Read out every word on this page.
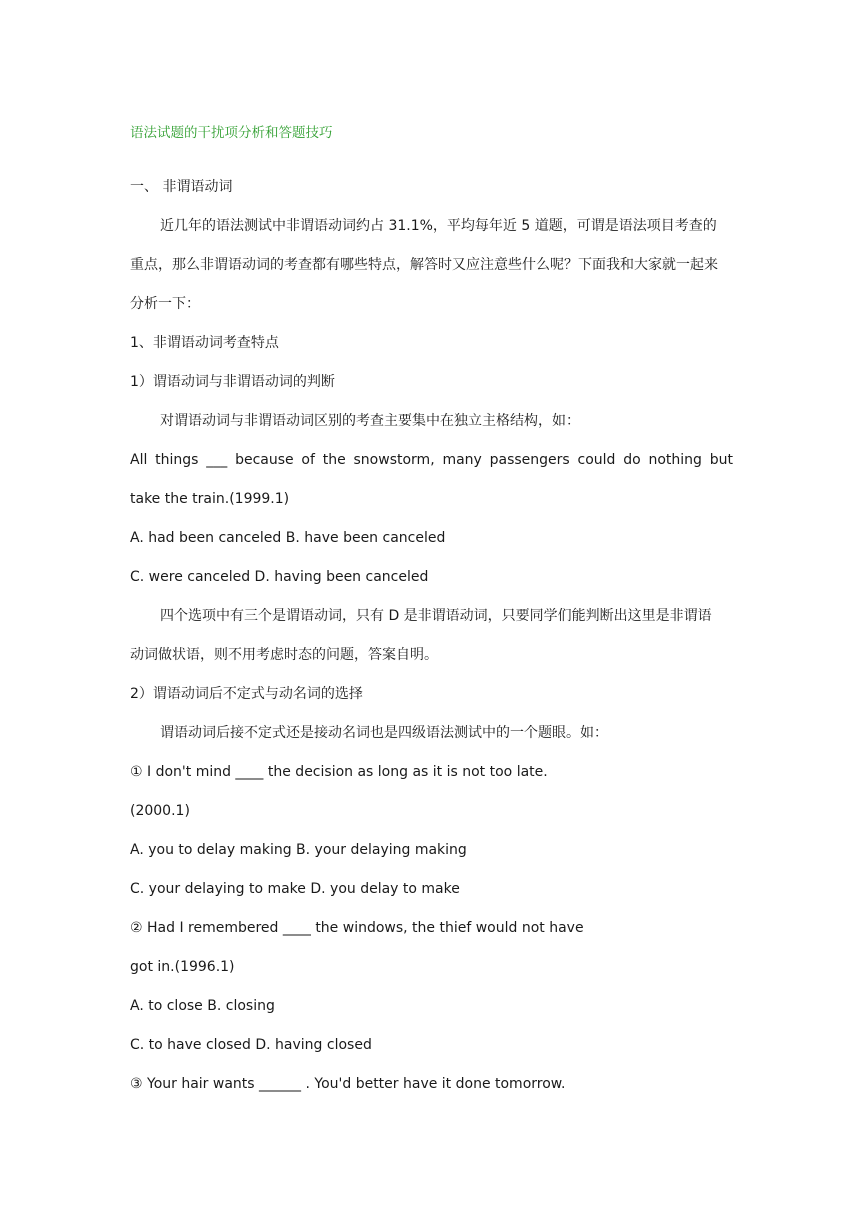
语法试题的干扰项分析和答题技巧
一、 非谓语动词
近几年的语法测试中非谓语动词约占 31.1%，平均每年近 5 道题，可谓是语法项目考查的
重点，那么非谓语动词的考查都有哪些特点，解答时又应注意些什么呢？下面我和大家就一起来
分析一下：
1、非谓语动词考查特点
1）谓语动词与非谓语动词的判断
对谓语动词与非谓语动词区别的考查主要集中在独立主格结构，如：
All things ___ because of the snowstorm, many passengers could do nothing but
take the train.(1999.1)
A. had been canceled B. have been canceled
C. were canceled D. having been canceled
四个选项中有三个是谓语动词，只有 D 是非谓语动词，只要同学们能判断出这里是非谓语
动词做状语，则不用考虑时态的问题，答案自明。
2）谓语动词后不定式与动名词的选择
谓语动词后接不定式还是接动名词也是四级语法测试中的一个题眼。如：
① I don't mind ____ the decision as long as it is not too late.
(2000.1)
A. you to delay making B. your delaying making
C. your delaying to make D. you delay to make
② Had I remembered ____ the windows, the thief would not have
got in.(1996.1)
A. to close B. closing
C. to have closed D. having closed
③ Your hair wants ______ . You'd better have it done tomorrow.
